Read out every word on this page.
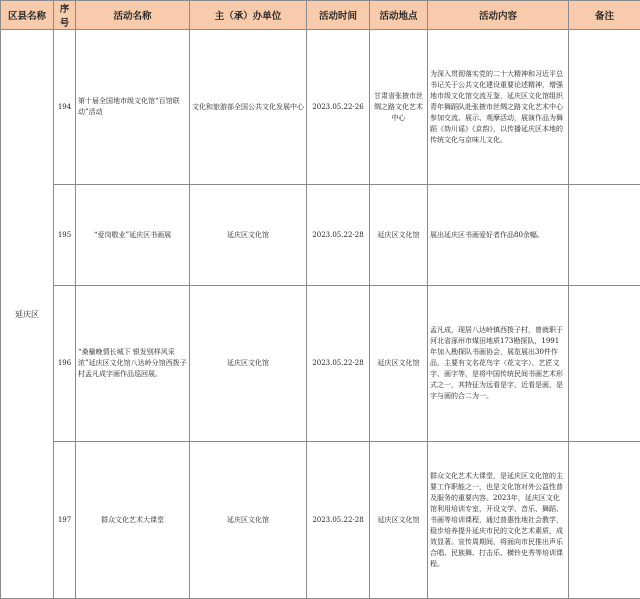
区县名称	序号	活动名称	主（承）办单位	活动时间	活动地点	活动内容	备注
延庆区	194	第十届全国地市级文化馆“百馆联动”活动	文化和旅游部全国公共文化发展中心	2023.05.22-26	甘肃省张掖市丝绸之路文化艺术中心	为深入贯彻落实党的二十大精神和习近平总书记关于公共文化建设重要论述精神，增强地市级文化馆交流互鉴，延庆区文化馆组织青年舞蹈队赴张掖市丝绸之路文化艺术中心参加交流、展示、观摩活动，展演作品为舞蹈《妫川谣》《京韵》，以传播延庆区本地的传统文化与京味儿文化。	
	195	“爱岗敬业”延庆区书画展	延庆区文化馆	2023.05.22-28	延庆区文化馆	展出延庆区书画爱好者作品80余幅。	
	196	“桑榆晚情长城下 银发别样风采浓”延庆区文化馆八达岭分馆西拨子村孟凡成字画作品巡回展。	延庆区文化馆	2023.05.22-28	延庆区文化馆	孟凡成，现居八达岭镇西拨子村，曾就职于河北省涿州市煤田地质173勘探队，1991年加入勘探队书画协会，展览展出30件作品，主要有文名花鸟字（花文字）、艺匠文字、画字等，是将中国传统民间书画艺术形式之一，其特征为远看是字，近看是画，是字与画的合二为一。	
	197	群众文化艺术大课堂	延庆区文化馆	2023.05.22-28	延庆区文化馆	群众文化艺术大课堂，是延庆区文化馆的主要工作职能之一，也是文化馆对外公益性普及服务的重要内容。2023年，延庆区文化馆利用培训专室，开设文学、音乐、舞蹈、书画等培训课程，通过普惠性地社会教学，稳步培养提升延庆市民的文化艺术素质，成效显著。宣传周期间，将面向市民推出声乐合唱、民族舞、打击乐、横铃史秀等培训课程。	
